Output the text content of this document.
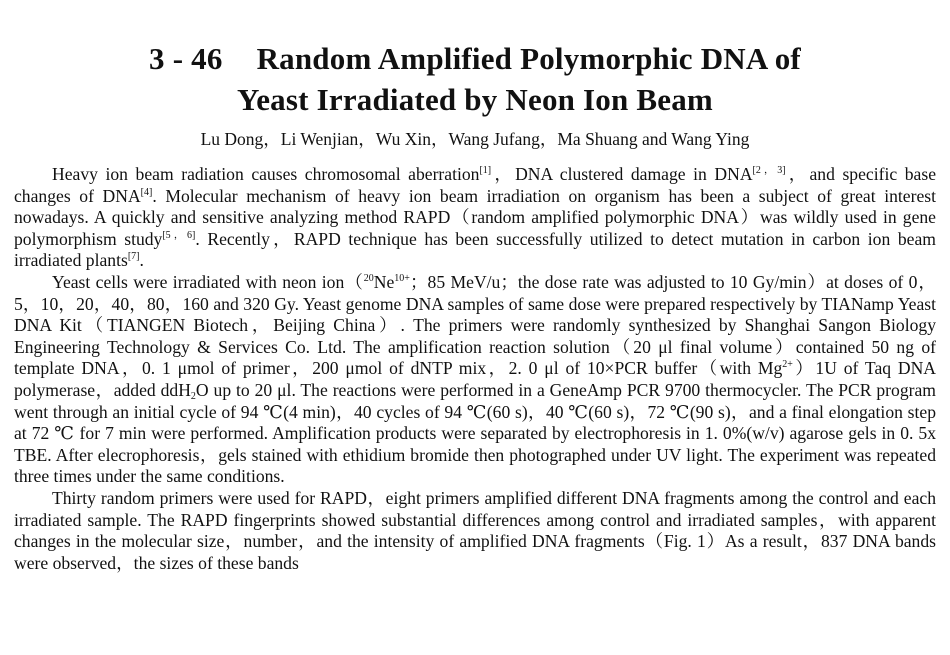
3 - 46 Random Amplified Polymorphic DNA of
Yeast Irradiated by Neon Ion Beam
Lu Dong，Li Wenjian，Wu Xin，Wang Jufang，Ma Shuang and Wang Ying

Heavy ion beam radiation causes chromosomal aberration[1]，DNA clustered damage in DNA[2，3]，and specific base changes of DNA[4]. Molecular mechanism of heavy ion beam irradiation on organism has been a subject of great interest nowadays. A quickly and sensitive analyzing method RAPD（random amplified polymorphic DNA）was wildly used in gene polymorphism study[5，6]. Recently，RAPD technique has been successfully utilized to detect mutation in carbon ion beam irradiated plants[7].

Yeast cells were irradiated with neon $ion(^{20}Ne^{10+}$；85 MeV/u；the dose rate was adjusted to 10 Gy/min）at doses of 0，5，10，20，40，80，160 and 320 Gy. Yeast genome DNA samples of same dose were prepared respectively by TIANamp Yeast DNA Kit（TIANGEN Biotech，Beijing China）. The primers were randomly synthesized by Shanghai Sangon Biology Engineering Technology & Services Co. Ltd. The amplification reaction solution（20 μl final volume）contained 50 ng of template DNA，0. 1 μmol of primer，200 μmol of dNTP mix，2. 0 μl of 10×PCR buffer（with $Mg^{2+})1U$ of Taq DNA polymerase，added ddH$_2$O up to 20 μl. The reactions were performed in a GeneAmp PCR 9700 thermocycler. The PCR program went through an initial cycle of 94 ℃(4 min)，40 cycles of 94 ℃(60 s)，40 ℃(60 s)，72 ℃(90 s)，and a final elongation step at 72 ℃ for 7 min were performed. Amplification products were separated by electrophoresis in 1. 0%(w/v) agarose gels in 0. 5x TBE. After elecrophoresis，gels stained with ethidium bromide then photographed under UV light. The experiment was repeated three times under the same conditions.

Thirty random primers were used for RAPD，eight primers amplified different DNA fragments among the control and each irradiated sample. The RAPD fingerprints showed substantial differences among control and irradiated samples，with apparent changes in the molecular size，number，and the intensity of amplified DNA fragments（Fig. 1）As a result，837 DNA bands were observed，the sizes of these bands
